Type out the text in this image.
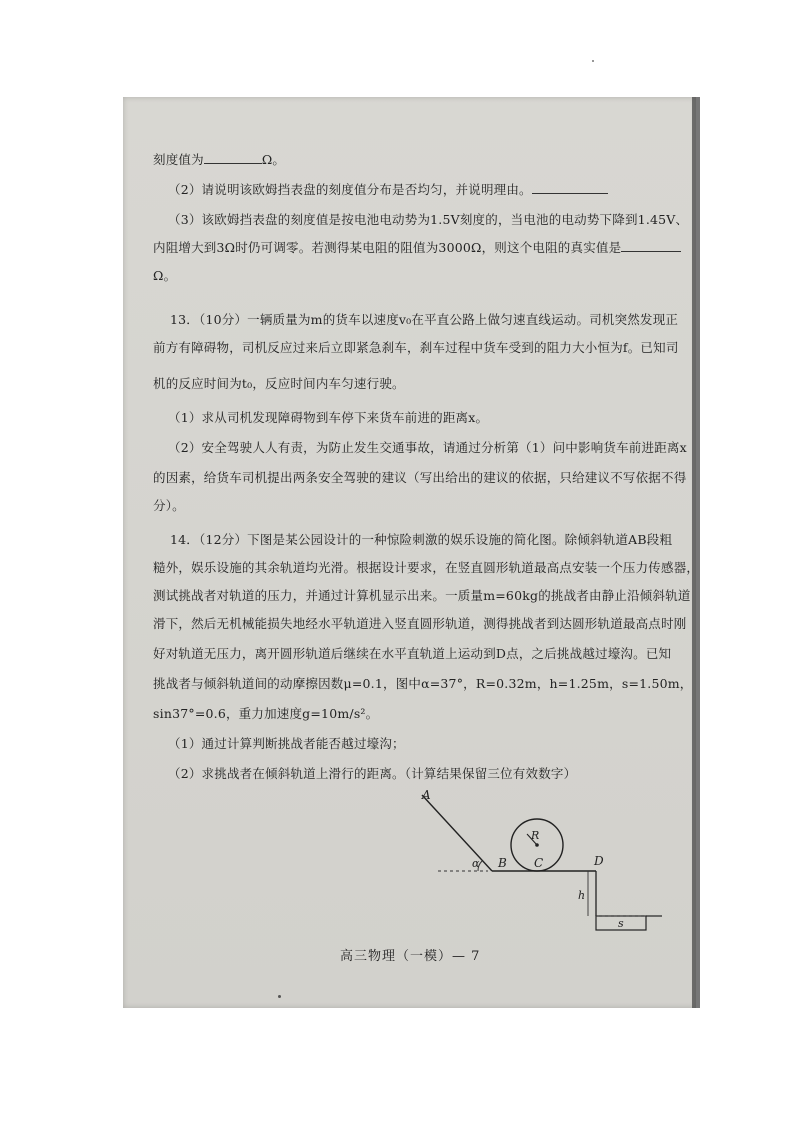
刻度值为	Ω。
（2）请说明该欧姆挡表盘的刻度值分布是否均匀，并说明理由。
（3）该欧姆挡表盘的刻度值是按电池电动势为1.5V刻度的，当电池的电动势下降到1.45V、
内阻增大到3Ω时仍可调零。若测得某电阻的阻值为3000Ω，则这个电阻的真实值是
Ω。
13．（10分）一辆质量为m的货车以速度v₀在平直公路上做匀速直线运动。司机突然发现正
前方有障碍物，司机反应过来后立即紧急刹车，刹车过程中货车受到的阻力大小恒为f。已知司
机的反应时间为t₀，反应时间内车匀速行驶。
（1）求从司机发现障碍物到车停下来货车前进的距离x。
（2）安全驾驶人人有责，为防止发生交通事故，请通过分析第（1）问中影响货车前进距离x
的因素，给货车司机提出两条安全驾驶的建议（写出给出的建议的依据，只给建议不写依据不得
分）。
14．（12分）下图是某公园设计的一种惊险刺激的娱乐设施的简化图。除倾斜轨道AB段粗
糙外，娱乐设施的其余轨道均光滑。根据设计要求，在竖直圆形轨道最高点安装一个压力传感器，
测试挑战者对轨道的压力，并通过计算机显示出来。一质量m=60kg的挑战者由静止沿倾斜轨道
滑下，然后无机械能损失地经水平轨道进入竖直圆形轨道，测得挑战者到达圆形轨道最高点时刚
好对轨道无压力，离开圆形轨道后继续在水平直轨道上运动到D点，之后挑战越过壕沟。已知
挑战者与倾斜轨道间的动摩擦因数μ=0.1，图中α=37°，R=0.32m，h=1.25m，s=1.50m，
sin37°=0.6，重力加速度g=10m/s²。
（1）通过计算判断挑战者能否越过壕沟；
（2）求挑战者在倾斜轨道上滑行的距离。（计算结果保留三位有效数字）
A
α B C
R
D
h
s
高三物理（一模）— 7
